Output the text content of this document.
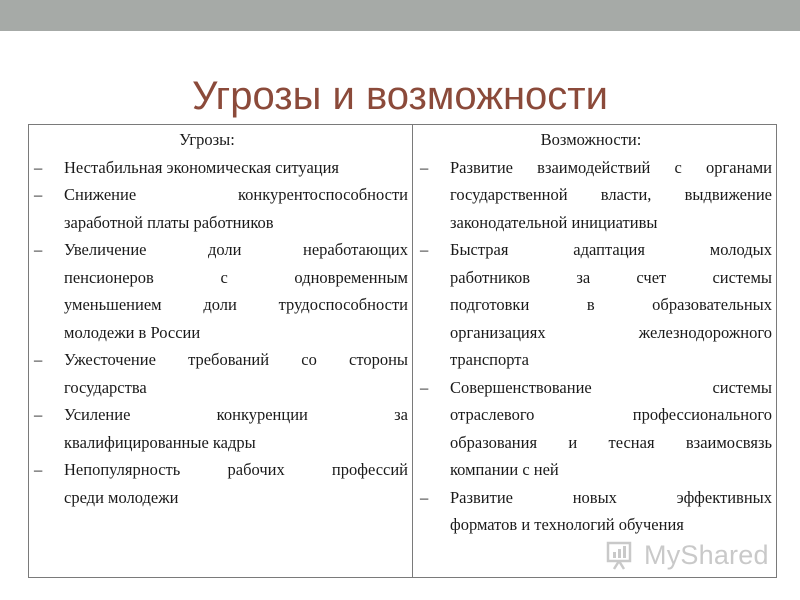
Угрозы и возможности
Угрозы:
–	Нестабильная экономическая ситуация
–	Снижение конкурентоспособности
заработной платы работников
–	Увеличение доли неработающих
пенсионеров с одновременным
уменьшением доли трудоспособности
молодежи в России
–	Ужесточение требований со стороны
государства
–	Усиление конкуренции за
квалифицированные кадры
–	Непопулярность рабочих профессий
среди молодежи
Возможности:
–	Развитие взаимодействий с органами
государственной власти, выдвижение
законодательной инициативы
–	Быстрая адаптация молодых
работников за счет системы
подготовки в образовательных
организациях железнодорожного
транспорта
–	Совершенствование системы
отраслевого профессионального
образования и тесная взаимосвязь
компании с ней
–	Развитие новых эффективных
форматов и технологий обучения
MyShared
